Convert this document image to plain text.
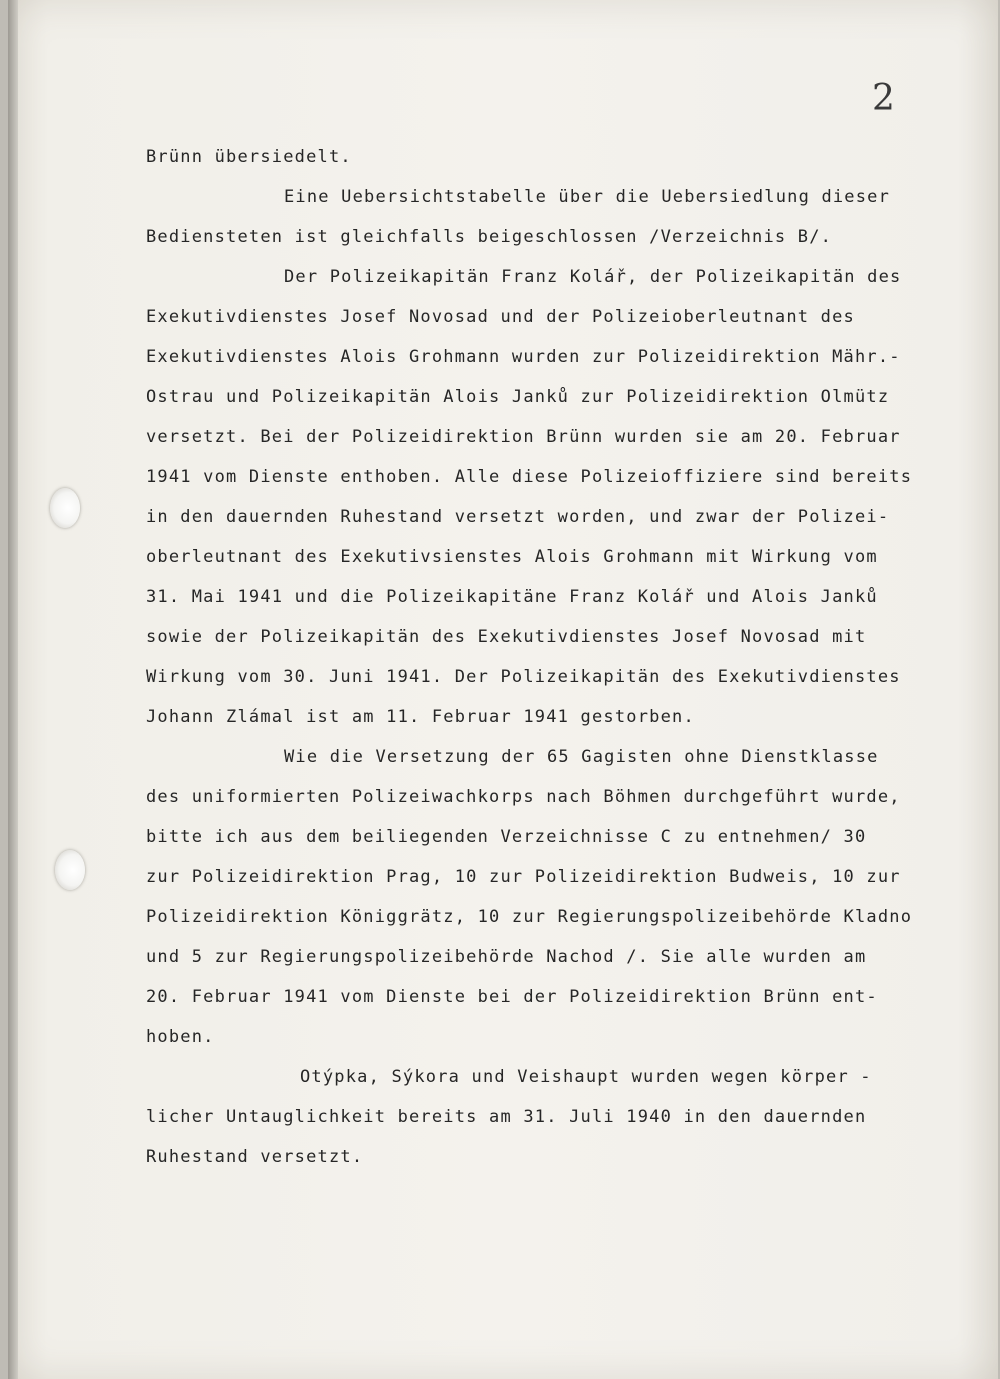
2
Brünn übersiedelt.
Eine Uebersichtstabelle über die Uebersiedlung dieser
Bediensteten ist gleichfalls beigeschlossen /Verzeichnis B/.
Der Polizeikapitän Franz Kolář, der Polizeikapitän des
Exekutivdienstes Josef Novosad und der Polizeioberleutnant des
Exekutivdienstes Alois Grohmann wurden zur Polizeidirektion Mähr.-
Ostrau und Polizeikapitän Alois Janků zur Polizeidirektion Olmütz
versetzt. Bei der Polizeidirektion Brünn wurden sie am 20. Februar
1941 vom Dienste enthoben. Alle diese Polizeioffiziere sind bereits
in den dauernden Ruhestand versetzt worden, und zwar der Polizei-
oberleutnant des Exekutivsienstes Alois Grohmann mit Wirkung vom
31. Mai 1941 und die Polizeikapitäne Franz Kolář und Alois Janků
sowie der Polizeikapitän des Exekutivdienstes Josef Novosad mit
Wirkung vom 30. Juni 1941. Der Polizeikapitän des Exekutivdienstes
Johann Zlámal ist am 11. Februar 1941 gestorben.
Wie die Versetzung der 65 Gagisten ohne Dienstklasse
des uniformierten Polizeiwachkorps nach Böhmen durchgeführt wurde,
bitte ich aus dem beiliegenden Verzeichnisse C zu entnehmen/ 30
zur Polizeidirektion Prag, 10 zur Polizeidirektion Budweis, 10 zur
Polizeidirektion Königgrätz, 10 zur Regierungspolizeibehörde Kladno
und 5 zur Regierungspolizeibehörde Nachod /. Sie alle wurden am
20. Februar 1941 vom Dienste bei der Polizeidirektion Brünn ent-
hoben.
Otýpka, Sýkora und Veishaupt wurden wegen körper -
licher Untauglichkeit bereits am 31. Juli 1940 in den dauernden
Ruhestand versetzt.
